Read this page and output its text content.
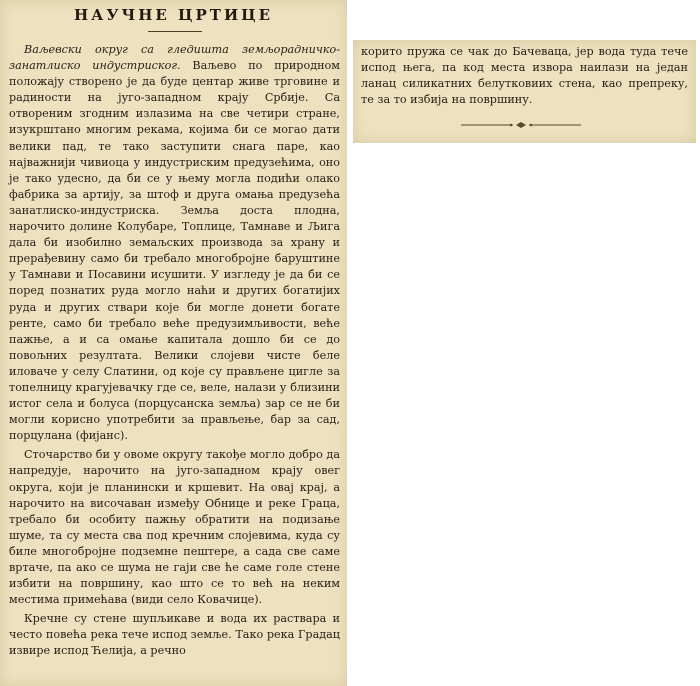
НАУЧНЕ ЦРТИЦЕ

Ваљевски округ са гледишта земљорадничко-занатлиско индустриског. Ваљево по природном положају створено је да буде центар живе трговине и радиности на југо-западном крају Србије. Са отвореним згодним излазима на све четири стране, изукрштано многим рекама, којима би се могао дати велики пад, те тако заступити снага паре, као најважнији чивиоца у индустриским предузећима, оно је тако удесно, да би се у њему могла подићи олако фабрика за артију, за штоф и друга омања предузећа занатлиско-индустриска. Земља доста плодна, нарочито долине Колубаре, Топлице, Тамнаве и Љига дала би изобилно земаљских производа за храну и прерађевину само би требало многобројне баруштине у Тамнави и Посавини исушити. У изгледу је да би се поред познатих руда могло наћи и других богатијих руда и других ствари које би могле донети богате ренте, само би требало веће предузимљивости, веће пажње, а и са омање капитала дошло би се до повољних резултата. Велики слојеви чисте беле иловаче у селу Слатини, од које су прављене цигле за топелницу крагујевачку где се, веле, налази у близини истог села и болуса (порцусанска земља) зар се не би могли корисно употребити за прављење, бар за сад, порцулана (фиjанс).

Сточарство би у овоме округу такође могло добро да напредује, нарочито на југо-западном крају овег округа, који је планински и кршевит. На овај крај, а нарочито на височаван између Обнице и реке Граца, требало би особиту пажњу обратити на подизање шуме, та су места сва под кречним слојевима, куда су биле многобројне подземне пештере, а сада све саме вртаче, па ако се шума не гаји све ће саме голе стене избити на површину, као што се то већ на неким местима примећава (види село Ковачице).

Кречне су стене шупљикаве и вода их раствара и често повећа река тече испод земље. Тако река Градац извире испод Ћелија, а речно

корито пружа се чак до Бачеваца, јер вода туда тече испод њега, па код места извора наилази на један ланац силикатних белутковиих стена, као препреку, те за то избија на површину.
